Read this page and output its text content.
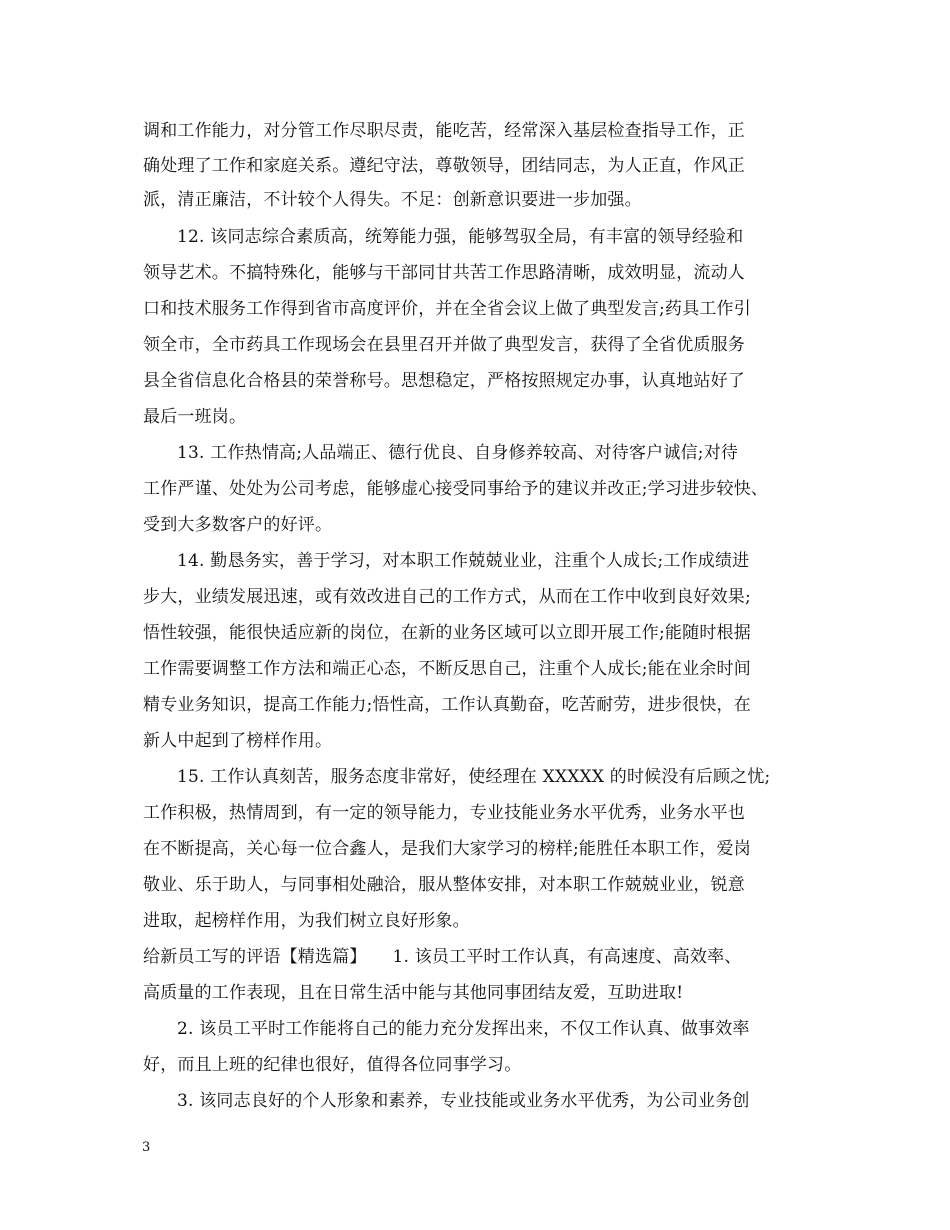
调和工作能力，对分管工作尽职尽责，能吃苦，经常深入基层检查指导工作，正
确处理了工作和家庭关系。遵纪守法，尊敬领导，团结同志，为人正直，作风正
派，清正廉洁，不计较个人得失。不足：创新意识要进一步加强。
12. 该同志综合素质高，统筹能力强，能够驾驭全局，有丰富的领导经验和
领导艺术。不搞特殊化，能够与干部同甘共苦工作思路清晰，成效明显，流动人
口和技术服务工作得到省市高度评价，并在全省会议上做了典型发言;药具工作引
领全市，全市药具工作现场会在县里召开并做了典型发言，获得了全省优质服务
县全省信息化合格县的荣誉称号。思想稳定，严格按照规定办事，认真地站好了
最后一班岗。
13. 工作热情高;人品端正、德行优良、自身修养较高、对待客户诚信;对待
工作严谨、处处为公司考虑，能够虚心接受同事给予的建议并改正;学习进步较快、
受到大多数客户的好评。
14. 勤恳务实，善于学习，对本职工作兢兢业业，注重个人成长;工作成绩进
步大，业绩发展迅速，或有效改进自己的工作方式，从而在工作中收到良好效果;
悟性较强，能很快适应新的岗位，在新的业务区域可以立即开展工作;能随时根据
工作需要调整工作方法和端正心态，不断反思自己，注重个人成长;能在业余时间
精专业务知识，提高工作能力;悟性高，工作认真勤奋，吃苦耐劳，进步很快，在
新人中起到了榜样作用。
15. 工作认真刻苦，服务态度非常好，使经理在 XXXXX 的时候没有后顾之忧;
工作积极，热情周到，有一定的领导能力，专业技能业务水平优秀，业务水平也
在不断提高，关心每一位合鑫人，是我们大家学习的榜样;能胜任本职工作，爱岗
敬业、乐于助人，与同事相处融洽，服从整体安排，对本职工作兢兢业业，锐意
进取，起榜样作用，为我们树立良好形象。
给新员工写的评语【精选篇】　　1. 该员工平时工作认真，有高速度、高效率、
高质量的工作表现，且在日常生活中能与其他同事团结友爱，互助进取!
2. 该员工平时工作能将自己的能力充分发挥出来，不仅工作认真、做事效率
好，而且上班的纪律也很好，值得各位同事学习。
3. 该同志良好的个人形象和素养，专业技能或业务水平优秀，为公司业务创
3
